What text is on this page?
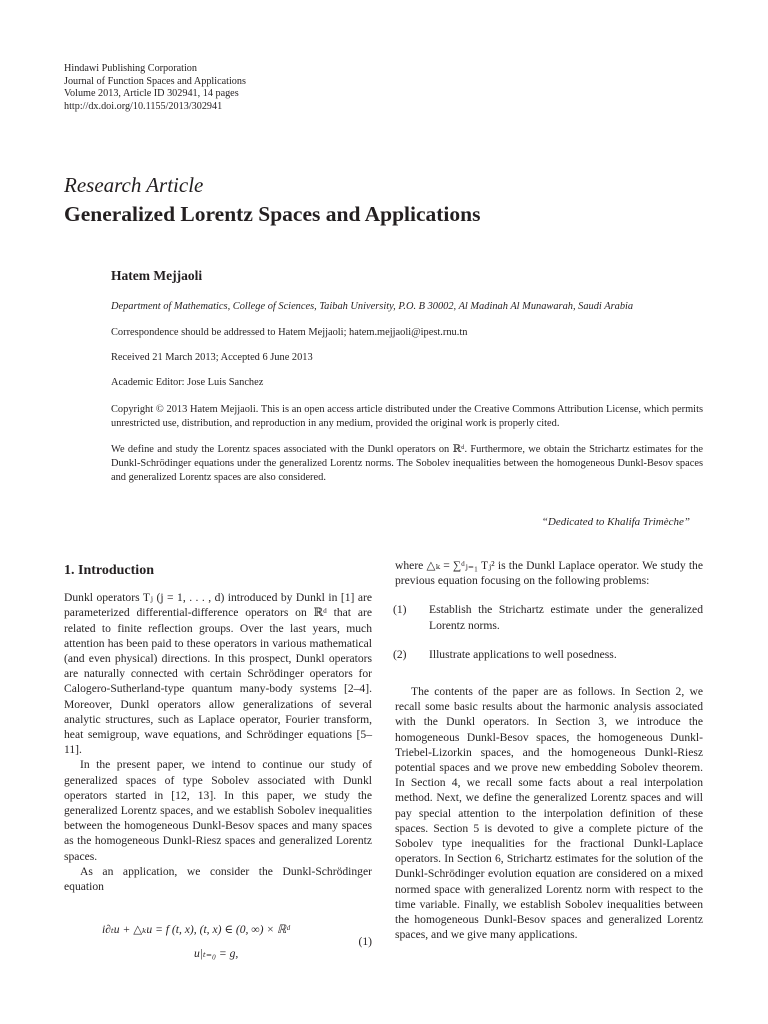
Hindawi Publishing Corporation
Journal of Function Spaces and Applications
Volume 2013, Article ID 302941, 14 pages
http://dx.doi.org/10.1155/2013/302941
Research Article
Generalized Lorentz Spaces and Applications
Hatem Mejjaoli
Department of Mathematics, College of Sciences, Taibah University, P.O. B 30002, Al Madinah Al Munawarah, Saudi Arabia
Correspondence should be addressed to Hatem Mejjaoli; hatem.mejjaoli@ipest.rnu.tn
Received 21 March 2013; Accepted 6 June 2013
Academic Editor: Jose Luis Sanchez
Copyright © 2013 Hatem Mejjaoli. This is an open access article distributed under the Creative Commons Attribution License, which permits unrestricted use, distribution, and reproduction in any medium, provided the original work is properly cited.
We define and study the Lorentz spaces associated with the Dunkl operators on ℝᵈ. Furthermore, we obtain the Strichartz estimates for the Dunkl-Schrödinger equations under the generalized Lorentz norms. The Sobolev inequalities between the homogeneous Dunkl-Besov spaces and generalized Lorentz spaces are also considered.
“Dedicated to Khalifa Trimèche”
1. Introduction

Dunkl operators Tⱼ (j = 1, . . . , d) introduced by Dunkl in [1] are parameterized differential-difference operators on ℝᵈ that are related to finite reflection groups. Over the last years, much attention has been paid to these operators in various mathematical (and even physical) directions. In this prospect, Dunkl operators are naturally connected with certain Schrödinger operators for Calogero-Sutherland-type quantum many-body systems [2–4]. Moreover, Dunkl operators allow generalizations of several analytic structures, such as Laplace operator, Fourier transform, heat semigroup, wave equations, and Schrödinger equations [5–11].

In the present paper, we intend to continue our study of generalized spaces of type Sobolev associated with Dunkl operators started in [12, 13]. In this paper, we study the generalized Lorentz spaces, and we establish Sobolev inequalities between the homogeneous Dunkl-Besov spaces and many spaces as the homogeneous Dunkl-Riesz spaces and generalized Lorentz spaces.

As an application, we consider the Dunkl-Schrödinger equation

i∂ₜu + △ₖu = f (t, x), (t, x) ∈ (0, ∞) × ℝᵈ
u|ₜ₌₀ = g,
(1)

where △ₖ = ∑ᵈⱼ₌₁ Tⱼ² is the Dunkl Laplace operator. We study the previous equation focusing on the following problems:

(1) Establish the Strichartz estimate under the generalized Lorentz norms.
(2) Illustrate applications to well posedness.

The contents of the paper are as follows. In Section 2, we recall some basic results about the harmonic analysis associated with the Dunkl operators. In Section 3, we introduce the homogeneous Dunkl-Besov spaces, the homogeneous Dunkl-Triebel-Lizorkin spaces, and the homogeneous Dunkl-Riesz potential spaces and we prove new embedding Sobolev theorem. In Section 4, we recall some facts about a real interpolation method. Next, we define the generalized Lorentz spaces and will pay special attention to the interpolation definition of these spaces. Section 5 is devoted to give a complete picture of the Sobolev type inequalities for the fractional Dunkl-Laplace operators. In Section 6, Strichartz estimates for the solution of the Dunkl-Schrödinger evolution equation are considered on a mixed normed space with generalized Lorentz norm with respect to the time variable. Finally, we establish Sobolev inequalities between the homogeneous Dunkl-Besov spaces and generalized Lorentz spaces, and we give many applications.
